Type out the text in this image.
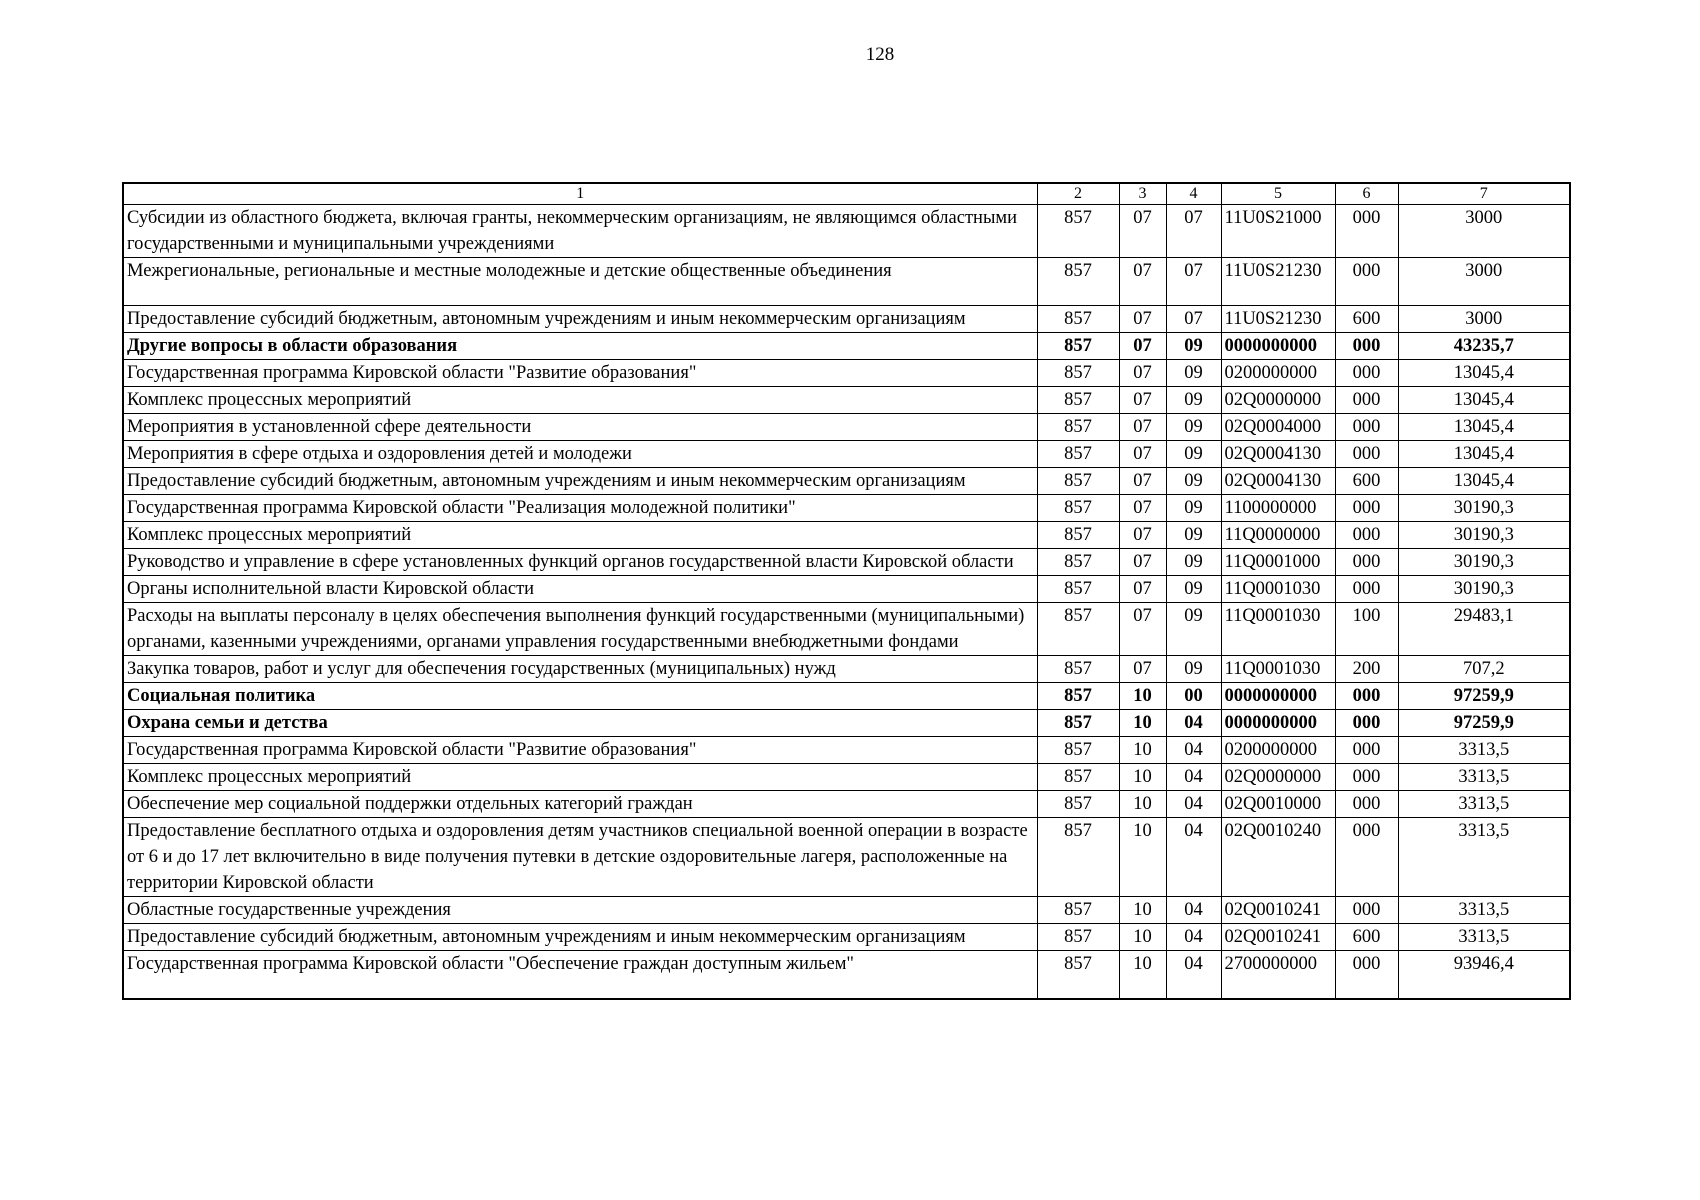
128
1	2	3	4	5	6	7
Субсидии из областного бюджета, включая гранты, некоммерческим организациям, не являющимся областными государственными и муниципальными учреждениями	857	07	07	11U0S21000	000	3000
Межрегиональные, региональные и местные молодежные и детские общественные объединения	857	07	07	11U0S21230	000	3000
Предоставление субсидий бюджетным, автономным учреждениям и иным некоммерческим организациям	857	07	07	11U0S21230	600	3000
Другие вопросы в области образования	857	07	09	0000000000	000	43235,7
Государственная программа Кировской области "Развитие образования"	857	07	09	0200000000	000	13045,4
Комплекс процессных мероприятий	857	07	09	02Q0000000	000	13045,4
Мероприятия в установленной сфере деятельности	857	07	09	02Q0004000	000	13045,4
Мероприятия в сфере отдыха и оздоровления детей и молодежи	857	07	09	02Q0004130	000	13045,4
Предоставление субсидий бюджетным, автономным учреждениям и иным некоммерческим организациям	857	07	09	02Q0004130	600	13045,4
Государственная программа Кировской области "Реализация молодежной политики"	857	07	09	1100000000	000	30190,3
Комплекс процессных мероприятий	857	07	09	11Q0000000	000	30190,3
Руководство и управление в сфере установленных функций органов государственной власти Кировской области	857	07	09	11Q0001000	000	30190,3
Органы исполнительной власти Кировской области	857	07	09	11Q0001030	000	30190,3
Расходы на выплаты персоналу в целях обеспечения выполнения функций государственными (муниципальными) органами, казенными учреждениями, органами управления государственными внебюджетными фондами	857	07	09	11Q0001030	100	29483,1
Закупка товаров, работ и услуг для обеспечения государственных (муниципальных) нужд	857	07	09	11Q0001030	200	707,2
Социальная политика	857	10	00	0000000000	000	97259,9
Охрана семьи и детства	857	10	04	0000000000	000	97259,9
Государственная программа Кировской области "Развитие образования"	857	10	04	0200000000	000	3313,5
Комплекс процессных мероприятий	857	10	04	02Q0000000	000	3313,5
Обеспечение мер социальной поддержки отдельных категорий граждан	857	10	04	02Q0010000	000	3313,5
Предоставление бесплатного отдыха и оздоровления детям участников специальной военной операции в возрасте от 6 и до 17 лет включительно в виде получения путевки в детские оздоровительные лагеря, расположенные на территории Кировской области	857	10	04	02Q0010240	000	3313,5
Областные государственные учреждения	857	10	04	02Q0010241	000	3313,5
Предоставление субсидий бюджетным, автономным учреждениям и иным некоммерческим организациям	857	10	04	02Q0010241	600	3313,5
Государственная программа Кировской области "Обеспечение граждан доступным жильем"	857	10	04	2700000000	000	93946,4
